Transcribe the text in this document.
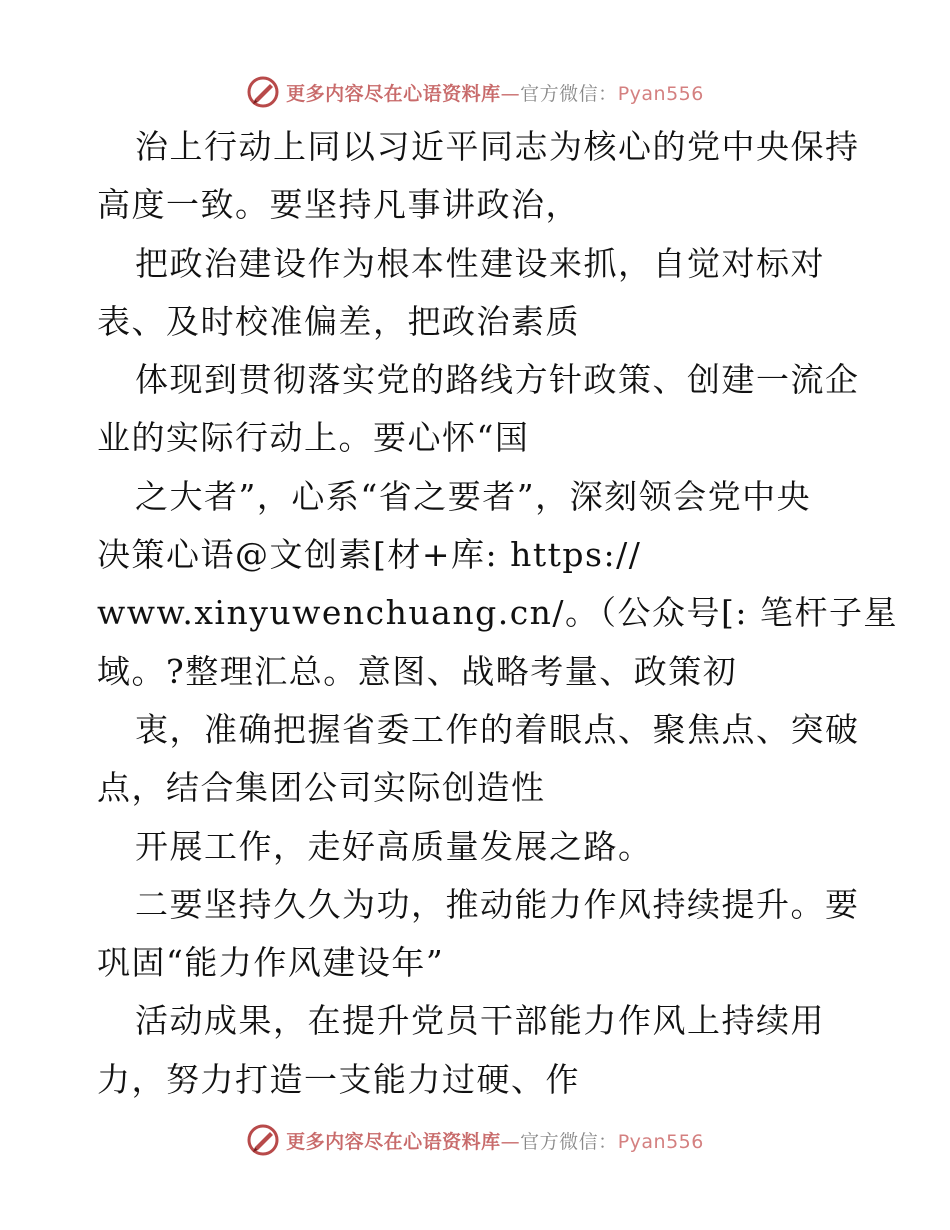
更多内容尽在心语资料库—官方微信：Pyan556
治上行动上同以习近平同志为核心的党中央保持
高度一致。要坚持凡事讲政治，
把政治建设作为根本性建设来抓，自觉对标对
表、及时校准偏差，把政治素质
体现到贯彻落实党的路线方针政策、创建一流企
业的实际行动上。要心怀“国
之大者”，心系“省之要者”，深刻领会党中央
决策心语@文创素[材+库: https://
www.xinyuwenchuang.cn/。（公众号[: 笔杆子星
域。?整理汇总。意图、战略考量、政策初
衷，准确把握省委工作的着眼点、聚焦点、突破
点，结合集团公司实际创造性
开展工作，走好高质量发展之路。
二要坚持久久为功，推动能力作风持续提升。要
巩固“能力作风建设年”
活动成果，在提升党员干部能力作风上持续用
力，努力打造一支能力过硬、作
更多内容尽在心语资料库—官方微信：Pyan556
